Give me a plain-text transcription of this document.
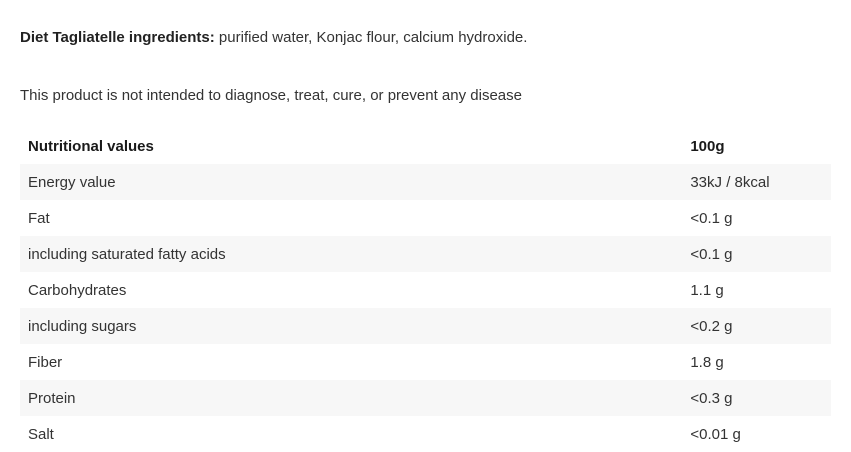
Diet Tagliatelle ingredients: purified water, Konjac flour, calcium hydroxide.

This product is not intended to diagnose, treat, cure, or prevent any disease

Nutritional values	100g
Energy value	33kJ / 8kcal
Fat	<0.1 g
including saturated fatty acids	<0.1 g
Carbohydrates	1.1 g
including sugars	<0.2 g
Fiber	1.8 g
Protein	<0.3 g
Salt	<0.01 g
